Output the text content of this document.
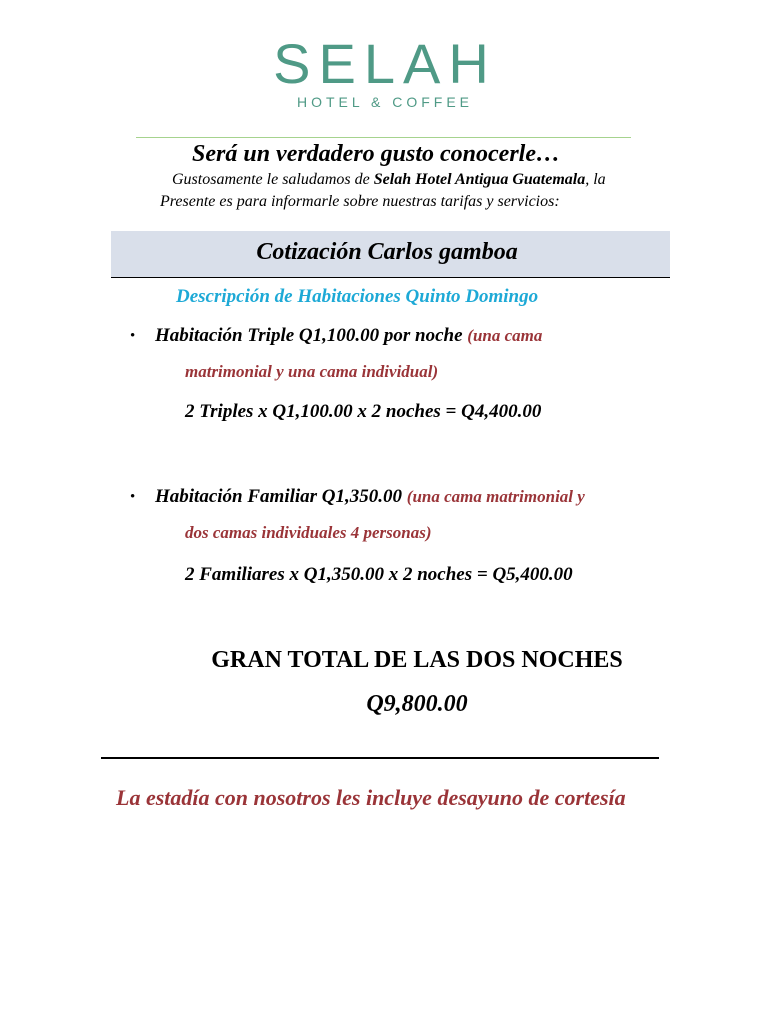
SELAH
HOTEL & COFFEE
Será un verdadero gusto conocerle…
Gustosamente le saludamos de Selah Hotel Antigua Guatemala, la
Presente es para informarle sobre nuestras tarifas y servicios:
Cotización Carlos gamboa
Descripción de Habitaciones Quinto Domingo
• Habitación Triple Q1,100.00 por noche (una cama
matrimonial y una cama individual)
2 Triples x Q1,100.00 x 2 noches = Q4,400.00
• Habitación Familiar Q1,350.00 (una cama matrimonial y
dos camas individuales 4 personas)
2 Familiares x Q1,350.00 x 2 noches = Q5,400.00
GRAN TOTAL DE LAS DOS NOCHES
Q9,800.00
La estadía con nosotros les incluye desayuno de cortesía
